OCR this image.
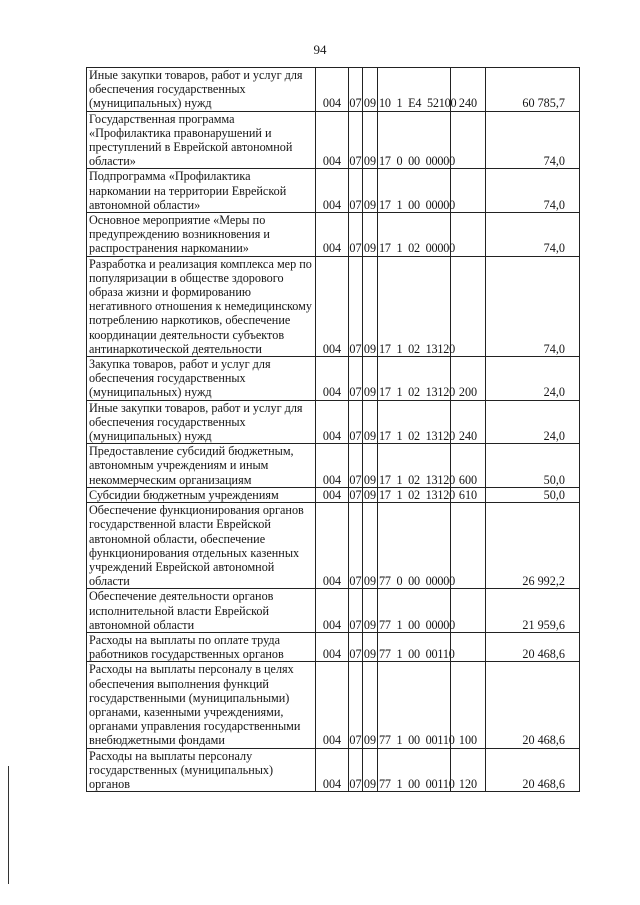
94
Иные закупки товаров, работ и услуг для обеспечения государственных (муниципальных) нужд	004	07	09	10 1 Е4 52100	240	60 785,7
Государственная программа «Профилактика правонарушений и преступлений в Еврейской автономной области»	004	07	09	17 0 00 00000		74,0
Подпрограмма «Профилактика наркомании на территории Еврейской автономной области»	004	07	09	17 1 00 00000		74,0
Основное мероприятие «Меры по предупреждению возникновения и распространения наркомании»	004	07	09	17 1 02 00000		74,0
Разработка и реализация комплекса мер по популяризации в обществе здорового образа жизни и формированию негативного отношения к немедицинскому потреблению наркотиков, обеспечение координации деятельности субъектов антинаркотической деятельности	004	07	09	17 1 02 13120		74,0
Закупка товаров, работ и услуг для обеспечения государственных (муниципальных) нужд	004	07	09	17 1 02 13120	200	24,0
Иные закупки товаров, работ и услуг для обеспечения государственных (муниципальных) нужд	004	07	09	17 1 02 13120	240	24,0
Предоставление субсидий бюджетным, автономным учреждениям и иным некоммерческим организациям	004	07	09	17 1 02 13120	600	50,0
Субсидии бюджетным учреждениям	004	07	09	17 1 02 13120	610	50,0
Обеспечение функционирования органов государственной власти Еврейской автономной области, обеспечение функционирования отдельных казенных учреждений Еврейской автономной области	004	07	09	77 0 00 00000		26 992,2
Обеспечение деятельности органов исполнительной власти Еврейской автономной области	004	07	09	77 1 00 00000		21 959,6
Расходы на выплаты по оплате труда работников государственных органов	004	07	09	77 1 00 00110		20 468,6
Расходы на выплаты персоналу в целях обеспечения выполнения функций государственными (муниципальными) органами, казенными учреждениями, органами управления государственными внебюджетными фондами	004	07	09	77 1 00 00110	100	20 468,6
Расходы на выплаты персоналу государственных (муниципальных) органов	004	07	09	77 1 00 00110	120	20 468,6
